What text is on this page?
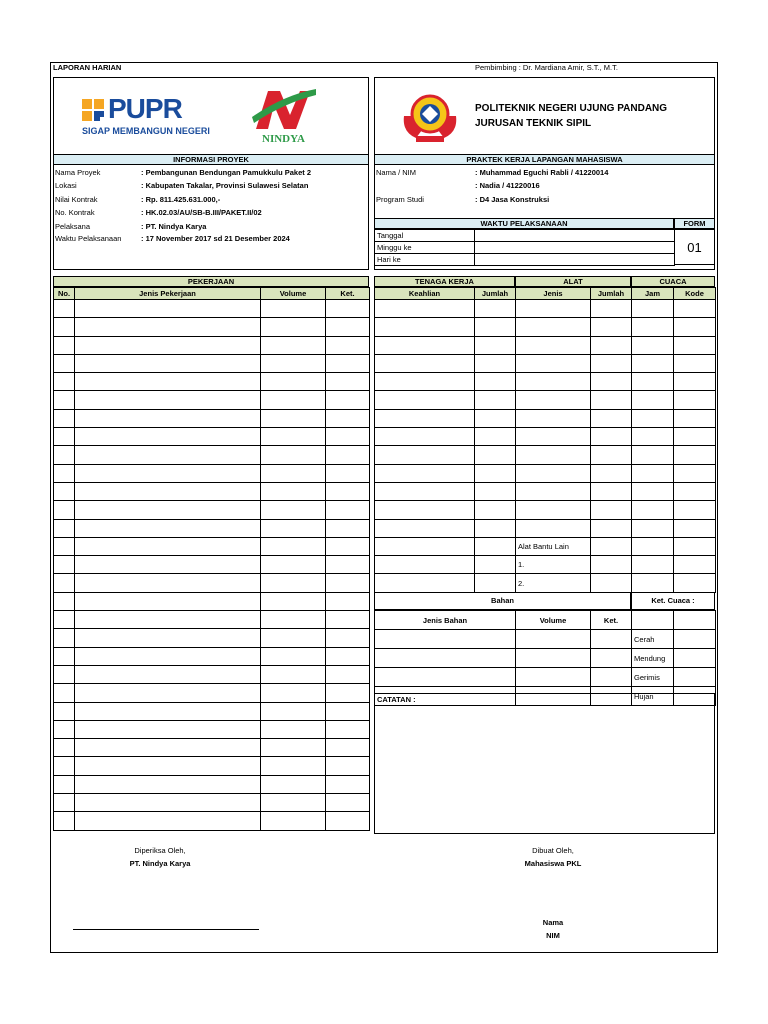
LAPORAN HARIAN	Pembimbing : Dr. Mardiana Amir, S.T., M.T.
PUPR
SIGAP MEMBANGUN NEGERI
NINDYA
POLITEKNIK NEGERI UJUNG PANDANG
JURUSAN TEKNIK SIPIL
INFORMASI PROYEK
Nama Proyek	: Pembangunan Bendungan Pamukkulu Paket 2
Lokasi	: Kabupaten Takalar, Provinsi Sulawesi Selatan
Nilai Kontrak	: Rp. 811.425.631.000,-
No. Kontrak	: HK.02.03/AU/SB-B.III/PAKET.II/02
Pelaksana	: PT. Nindya Karya
Waktu Pelaksanaan	: 17 November 2017 sd 21 Desember 2024
PRAKTEK KERJA LAPANGAN MAHASISWA
Nama / NIM	: Muhammad Eguchi Rabli / 41220014
: Nadia / 41220016
Program Studi	: D4 Jasa Konstruksi
WAKTU PELAKSANAAN	FORM
Tanggal	
Minggu ke	
Hari ke	
01
PEKERJAAN
No.	Jenis Pekerjaan	Volume	Ket.

TENAGA KERJA	ALAT	CUACA
Keahlian	Jumlah	Jenis	Jumlah	Jam	Kode

		Alat Bantu Lain			
		1.			
		2.			
Bahan	Ket. Cuaca :
Jenis Bahan	Volume	Ket.		
			Cerah	
			Mendung	
			Gerimis	
			Hujan	
CATATAN :
Diperiksa Oleh,
PT. Nindya Karya
Dibuat Oleh,
Mahasiswa PKL
Nama
NIM
